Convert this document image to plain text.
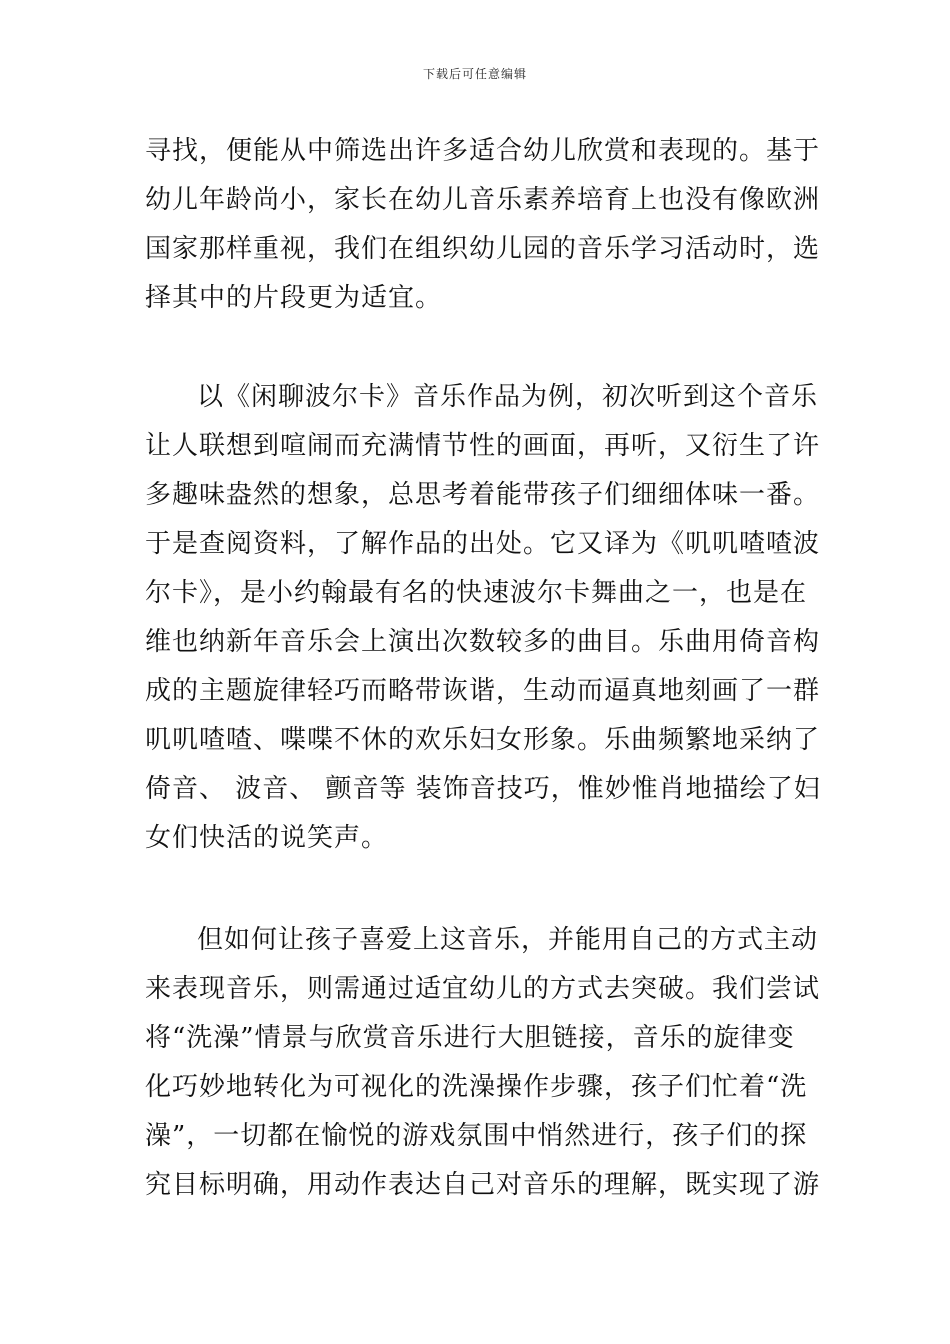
下载后可任意编辑
寻找，便能从中筛选出许多适合幼儿欣赏和表现的。基于
幼儿年龄尚小，家长在幼儿音乐素养培育上也没有像欧洲
国家那样重视，我们在组织幼儿园的音乐学习活动时，选
择其中的片段更为适宜。
以《闲聊波尔卡》音乐作品为例，初次听到这个音乐
让人联想到喧闹而充满情节性的画面，再听，又衍生了许
多趣味盎然的想象，总思考着能带孩子们细细体味一番。
于是查阅资料，了解作品的出处。它又译为《叽叽喳喳波
尔卡》，是小约翰最有名的快速波尔卡舞曲之一，也是在
维也纳新年音乐会上演出次数较多的曲目。乐曲用倚音构
成的主题旋律轻巧而略带诙谐，生动而逼真地刻画了一群
叽叽喳喳、喋喋不休的欢乐妇女形象。乐曲频繁地采纳了
倚音、 波音、 颤音等 装饰音技巧，惟妙惟肖地描绘了妇
女们快活的说笑声。
但如何让孩子喜爱上这音乐，并能用自己的方式主动
来表现音乐，则需通过适宜幼儿的方式去突破。我们尝试
将“洗澡”情景与欣赏音乐进行大胆链接，音乐的旋律变
化巧妙地转化为可视化的洗澡操作步骤，孩子们忙着“洗
澡”，一切都在愉悦的游戏氛围中悄然进行，孩子们的探
究目标明确，用动作表达自己对音乐的理解，既实现了游
